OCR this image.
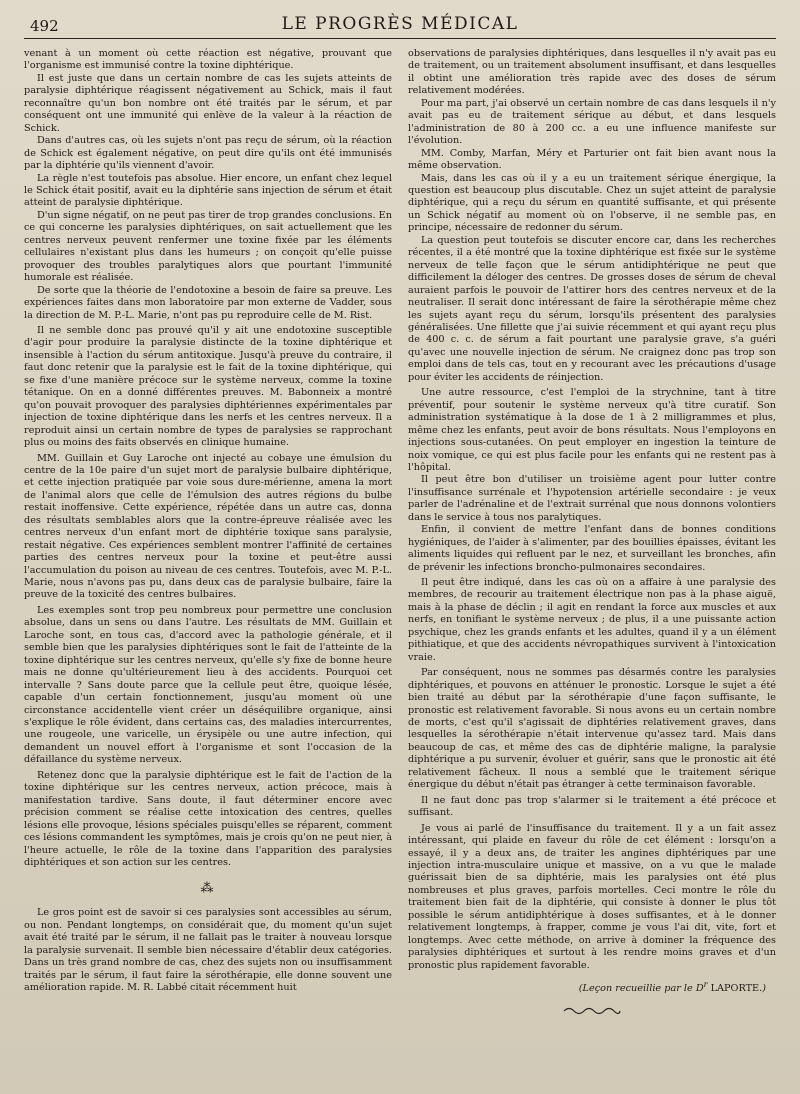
492	LE PROGRÈS MÉDICAL

venant à un moment où cette réaction est négative, prouvant que l'organisme est immunisé contre la toxine diphtérique.

Il est juste que dans un certain nombre de cas les sujets atteints de paralysie diphtérique réagissent négativement au Schick, mais il faut reconnaître qu'un bon nombre ont été traités par le sérum, et par conséquent ont une immunité qui enlève de la valeur à la réaction de Schick.

Dans d'autres cas, où les sujets n'ont pas reçu de sérum, où la réaction de Schick est également négative, on peut dire qu'ils ont été immunisés par la diphtérie qu'ils viennent d'avoir.

La règle n'est toutefois pas absolue. Hier encore, un enfant chez lequel le Schick était positif, avait eu la diphtérie sans injection de sérum et était atteint de paralysie diphtérique.

D'un signe négatif, on ne peut pas tirer de trop grandes conclusions. En ce qui concerne les paralysies diphtériques, on sait actuellement que les centres nerveux peuvent renfermer une toxine fixée par les éléments cellulaires n'existant plus dans les humeurs ; on conçoit qu'elle puisse provoquer des troubles paralytiques alors que pourtant l'immunité humorale est réalisée.

De sorte que la théorie de l'endotoxine a besoin de faire sa preuve. Les expériences faites dans mon laboratoire par mon externe de Vadder, sous la direction de M. P.-L. Marie, n'ont pas pu reproduire celle de M. Rist.

Il ne semble donc pas prouvé qu'il y ait une endotoxine susceptible d'agir pour produire la paralysie distincte de la toxine diphtérique et insensible à l'action du sérum antitoxique. Jusqu'à preuve du contraire, il faut donc retenir que la paralysie est le fait de la toxine diphtérique, qui se fixe d'une manière précoce sur le système nerveux, comme la toxine tétanique. On en a donné différentes preuves. M. Babonneix a montré qu'on pouvait provoquer des paralysies diphtériennes expérimentales par injection de toxine diphtérique dans les nerfs et les centres nerveux. Il a reproduit ainsi un certain nombre de types de paralysies se rapprochant plus ou moins des faits observés en clinique humaine.

MM. Guillain et Guy Laroche ont injecté au cobaye une émulsion du centre de la 10e paire d'un sujet mort de paralysie bulbaire diphtérique, et cette injection pratiquée par voie sous dure-mérienne, amena la mort de l'animal alors que celle de l'émulsion des autres régions du bulbe restait inoffensive. Cette expérience, répétée dans un autre cas, donna des résultats semblables alors que la contre-épreuve réalisée avec les centres nerveux d'un enfant mort de diphtérie toxique sans paralysie, restait négative. Ces expériences semblent montrer l'affinité de certaines parties des centres nerveux pour la toxine et peut-être aussi l'accumulation du poison au niveau de ces centres. Toutefois, avec M. P.-L. Marie, nous n'avons pas pu, dans deux cas de paralysie bulbaire, faire la preuve de la toxicité des centres bulbaires.

Les exemples sont trop peu nombreux pour permettre une conclusion absolue, dans un sens ou dans l'autre. Les résultats de MM. Guillain et Laroche sont, en tous cas, d'accord avec la pathologie générale, et il semble bien que les paralysies diphtériques sont le fait de l'atteinte de la toxine diphtérique sur les centres nerveux, qu'elle s'y fixe de bonne heure mais ne donne qu'ultérieurement lieu à des accidents. Pourquoi cet intervalle ? Sans doute parce que la cellule peut être, quoique lésée, capable d'un certain fonctionnement, jusqu'au moment où une circonstance accidentelle vient créer un déséquilibre organique, ainsi s'explique le rôle évident, dans certains cas, des maladies intercurrentes, une rougeole, une varicelle, un érysipèle ou une autre infection, qui demandent un nouvel effort à l'organisme et sont l'occasion de la défaillance du système nerveux.

Retenez donc que la paralysie diphtérique est le fait de l'action de la toxine diphtérique sur les centres nerveux, action précoce, mais à manifestation tardive. Sans doute, il faut déterminer encore avec précision comment se réalise cette intoxication des centres, quelles lésions elle provoque, lésions spéciales puisqu'elles se réparent, comment ces lésions commandent les symptômes, mais je crois qu'on ne peut nier, à l'heure actuelle, le rôle de la toxine dans l'apparition des paralysies diphtériques et son action sur les centres.

⁂

Le gros point est de savoir si ces paralysies sont accessibles au sérum, ou non. Pendant longtemps, on considérait que, du moment qu'un sujet avait été traité par le sérum, il ne fallait pas le traiter à nouveau lorsque la paralysie survenait. Il semble bien nécessaire d'établir deux catégories. Dans un très grand nombre de cas, chez des sujets non ou insuffisamment traités par le sérum, il faut faire la sérothérapie, elle donne souvent une amélioration rapide. M. R. Labbé citait récemment huit

observations de paralysies diphtériques, dans lesquelles il n'y avait pas eu de traitement, ou un traitement absolument insuffisant, et dans lesquelles il obtint une amélioration très rapide avec des doses de sérum relativement modérées.

Pour ma part, j'ai observé un certain nombre de cas dans lesquels il n'y avait pas eu de traitement sérique au début, et dans lesquels l'administration de 80 à 200 cc. a eu une influence manifeste sur l'évolution.

MM. Comby, Marfan, Méry et Parturier ont fait bien avant nous la même observation.

Mais, dans les cas où il y a eu un traitement sérique énergique, la question est beaucoup plus discutable. Chez un sujet atteint de paralysie diphtérique, qui a reçu du sérum en quantité suffisante, et qui présente un Schick négatif au moment où on l'observe, il ne semble pas, en principe, nécessaire de redonner du sérum.

La question peut toutefois se discuter encore car, dans les recherches récentes, il a été montré que la toxine diphtérique est fixée sur le système nerveux de telle façon que le sérum antidiphtérique ne peut que difficilement la déloger des centres. De grosses doses de sérum de cheval auraient parfois le pouvoir de l'attirer hors des centres nerveux et de la neutraliser. Il serait donc intéressant de faire la sérothérapie même chez les sujets ayant reçu du sérum, lorsqu'ils présentent des paralysies généralisées. Une fillette que j'ai suivie récemment et qui ayant reçu plus de 400 c. c. de sérum a fait pourtant une paralysie grave, s'a guéri qu'avec une nouvelle injection de sérum. Ne craignez donc pas trop son emploi dans de tels cas, tout en y recourant avec les précautions d'usage pour éviter les accidents de réinjection.

Une autre ressource, c'est l'emploi de la strychnine, tant à titre préventif, pour soutenir le système nerveux qu'à titre curatif. Son administration systématique à la dose de 1 à 2 milligrammes et plus, même chez les enfants, peut avoir de bons résultats. Nous l'employons en injections sous-cutanées. On peut employer en ingestion la teinture de noix vomique, ce qui est plus facile pour les enfants qui ne restent pas à l'hôpital.

Il peut être bon d'utiliser un troisième agent pour lutter contre l'insuffisance surrénale et l'hypotension artérielle secondaire : je veux parler de l'adrénaline et de l'extrait surrénal que nous donnons volontiers dans le service à tous nos paralytiques.

Enfin, il convient de mettre l'enfant dans de bonnes conditions hygiéniques, de l'aider à s'alimenter, par des bouillies épaisses, évitant les aliments liquides qui refluent par le nez, et surveillant les bronches, afin de prévenir les infections broncho-pulmonaires secondaires.

Il peut être indiqué, dans les cas où on a affaire à une paralysie des membres, de recourir au traitement électrique non pas à la phase aiguë, mais à la phase de déclin ; il agit en rendant la force aux muscles et aux nerfs, en tonifiant le système nerveux ; de plus, il a une puissante action psychique, chez les grands enfants et les adultes, quand il y a un élément pithiatique, et que des accidents névropathiques survivent à l'intoxication vraie.

Par conséquent, nous ne sommes pas désarmés contre les paralysies diphtériques, et pouvons en atténuer le pronostic. Lorsque le sujet a été bien traité au début par la sérothérapie d'une façon suffisante, le pronostic est relativement favorable. Si nous avons eu un certain nombre de morts, c'est qu'il s'agissait de diphtéries relativement graves, dans lesquelles la sérothérapie n'était intervenue qu'assez tard. Mais dans beaucoup de cas, et même des cas de diphtérie maligne, la paralysie diphtérique a pu survenir, évoluer et guérir, sans que le pronostic ait été relativement fâcheux. Il nous a semblé que le traitement sérique énergique du début n'était pas étranger à cette terminaison favorable.

Il ne faut donc pas trop s'alarmer si le traitement a été précoce et suffisant.

Je vous ai parlé de l'insuffisance du traitement. Il y a un fait assez intéressant, qui plaide en faveur du rôle de cet élément : lorsqu'on a essayé, il y a deux ans, de traiter les angines diphtériques par une injection intra-musculaire unique et massive, on a vu que le malade guérissait bien de sa diphtérie, mais les paralysies ont été plus nombreuses et plus graves, parfois mortelles. Ceci montre le rôle du traitement bien fait de la diphtérie, qui consiste à donner le plus tôt possible le sérum antidiphtérique à doses suffisantes, et à le donner relativement longtemps, à frapper, comme je vous l'ai dit, vite, fort et longtemps. Avec cette méthode, on arrive à dominer la fréquence des paralysies diphtériques et surtout à les rendre moins graves et d'un pronostic plus rapidement favorable.

(Leçon recueillie par le $D^r$ LAPORTE.)
